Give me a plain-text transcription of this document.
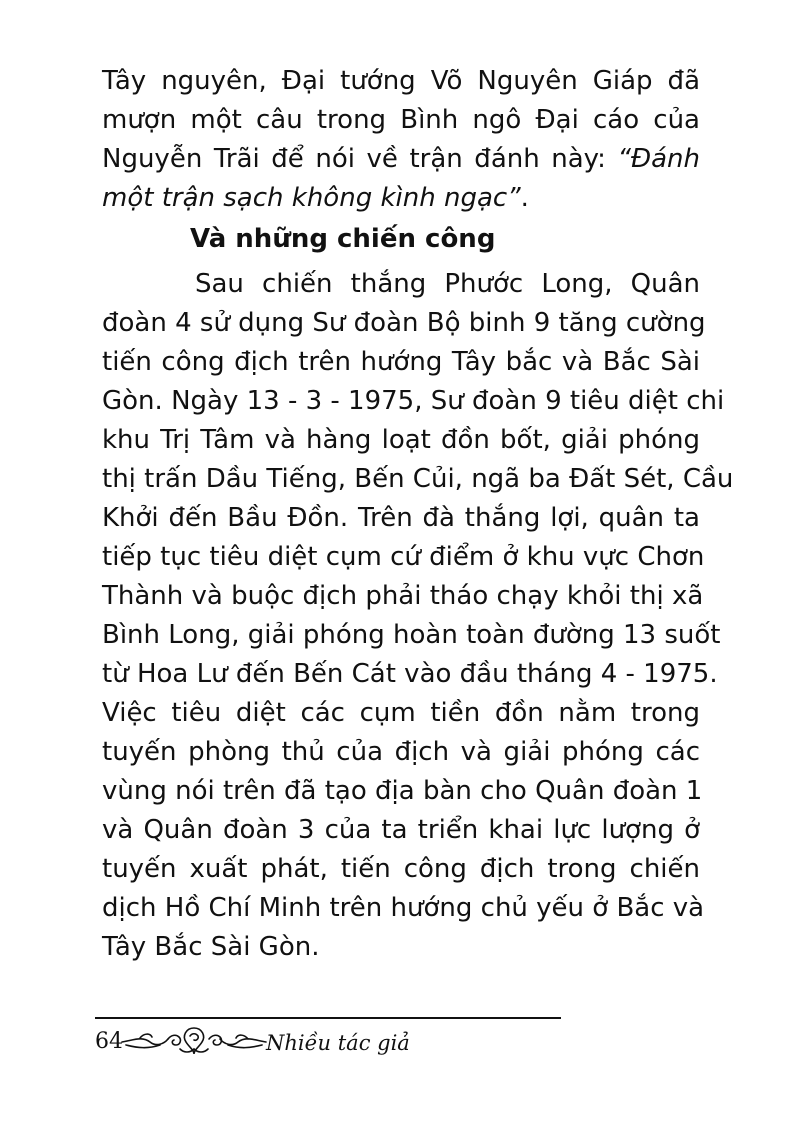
Tây nguyên, Đại tướng Võ Nguyên Giáp đã
mượn một câu trong Bình ngô Đại cáo của
Nguyễn Trãi để nói về trận đánh này: “Đánh
một trận sạch không kình ngạc”.
Và những chiến công
Sau chiến thắng Phước Long, Quân
đoàn 4 sử dụng Sư đoàn Bộ binh 9 tăng cường
tiến công địch trên hướng Tây bắc và Bắc Sài
Gòn. Ngày 13 - 3 - 1975, Sư đoàn 9 tiêu diệt chi
khu Trị Tâm và hàng loạt đồn bốt, giải phóng
thị trấn Dầu Tiếng, Bến Củi, ngã ba Đất Sét, Cầu
Khởi đến Bầu Đồn. Trên đà thắng lợi, quân ta
tiếp tục tiêu diệt cụm cứ điểm ở khu vực Chơn
Thành và buộc địch phải tháo chạy khỏi thị xã
Bình Long, giải phóng hoàn toàn đường 13 suốt
từ Hoa Lư đến Bến Cát vào đầu tháng 4 - 1975.
Việc tiêu diệt các cụm tiền đồn nằm trong
tuyến phòng thủ của địch và giải phóng các
vùng nói trên đã tạo địa bàn cho Quân đoàn 1
và Quân đoàn 3 của ta triển khai lực lượng ở
tuyến xuất phát, tiến công địch trong chiến
dịch Hồ Chí Minh trên hướng chủ yếu ở Bắc và
Tây Bắc Sài Gòn.
64	Nhiều tác giả
